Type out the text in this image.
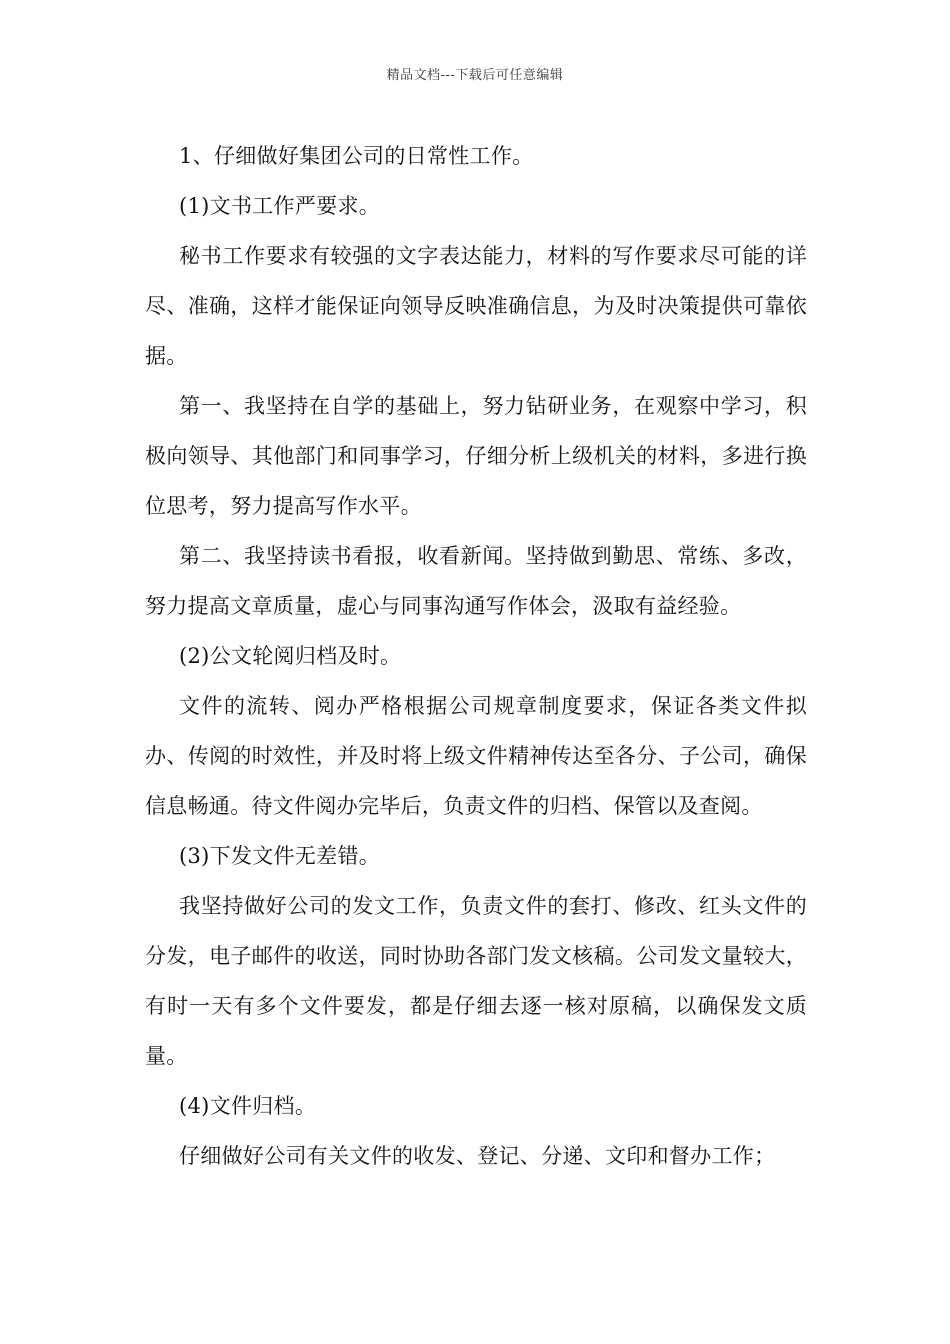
精品文档---下载后可任意编辑

1、仔细做好集团公司的日常性工作。

(1)文书工作严要求。

秘书工作要求有较强的文字表达能力，材料的写作要求尽可能的详尽、准确，这样才能保证向领导反映准确信息，为及时决策提供可靠依据。

第一、我坚持在自学的基础上，努力钻研业务，在观察中学习，积极向领导、其他部门和同事学习，仔细分析上级机关的材料，多进行换位思考，努力提高写作水平。

第二、我坚持读书看报，收看新闻。坚持做到勤思、常练、多改，努力提高文章质量，虚心与同事沟通写作体会，汲取有益经验。

(2)公文轮阅归档及时。

文件的流转、阅办严格根据公司规章制度要求，保证各类文件拟办、传阅的时效性，并及时将上级文件精神传达至各分、子公司，确保信息畅通。待文件阅办完毕后，负责文件的归档、保管以及查阅。

(3)下发文件无差错。

我坚持做好公司的发文工作，负责文件的套打、修改、红头文件的分发，电子邮件的收送，同时协助各部门发文核稿。公司发文量较大，有时一天有多个文件要发，都是仔细去逐一核对原稿，以确保发文质量。

(4)文件归档。

仔细做好公司有关文件的收发、登记、分递、文印和督办工作；
